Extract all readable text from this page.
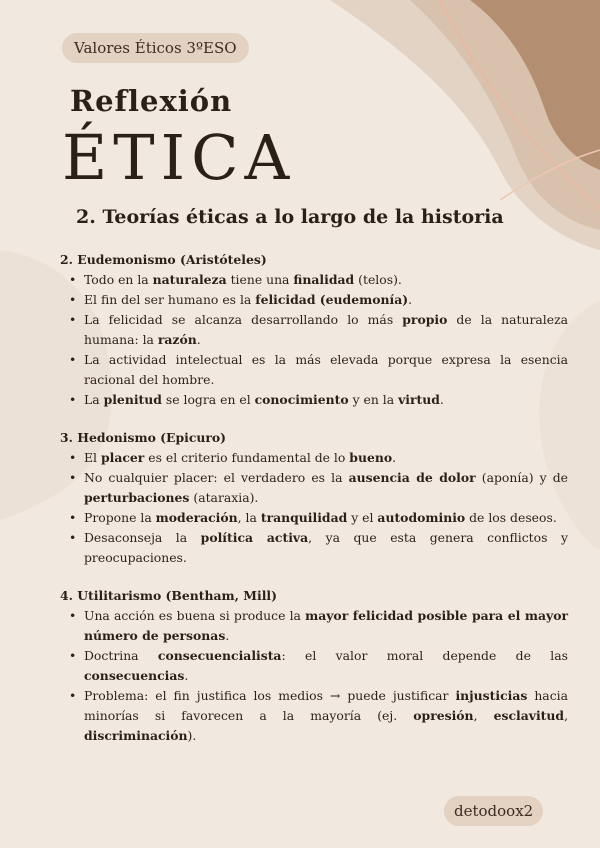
Valores Éticos 3ºESO
Reflexión
ÉTICA
2. Teorías éticas a lo largo de la historia
2. Eudemonismo (Aristóteles)
• Todo en la naturaleza tiene una finalidad (telos).
• El fin del ser humano es la felicidad (eudemonía).
• La felicidad se alcanza desarrollando lo más propio de la naturaleza humana: la razón.
• La actividad intelectual es la más elevada porque expresa la esencia racional del hombre.
• La plenitud se logra en el conocimiento y en la virtud.
3. Hedonismo (Epicuro)
• El placer es el criterio fundamental de lo bueno.
• No cualquier placer: el verdadero es la ausencia de dolor (aponía) y de perturbaciones (ataraxia).
• Propone la moderación, la tranquilidad y el autodominio de los deseos.
• Desaconseja la política activa, ya que esta genera conflictos y preocupaciones.
4. Utilitarismo (Bentham, Mill)
• Una acción es buena si produce la mayor felicidad posible para el mayor número de personas.
• Doctrina consecuencialista: el valor moral depende de las consecuencias.
• Problema: el fin justifica los medios → puede justificar injusticias hacia minorías si favorecen a la mayoría (ej. opresión, esclavitud, discriminación).
detodoox2
